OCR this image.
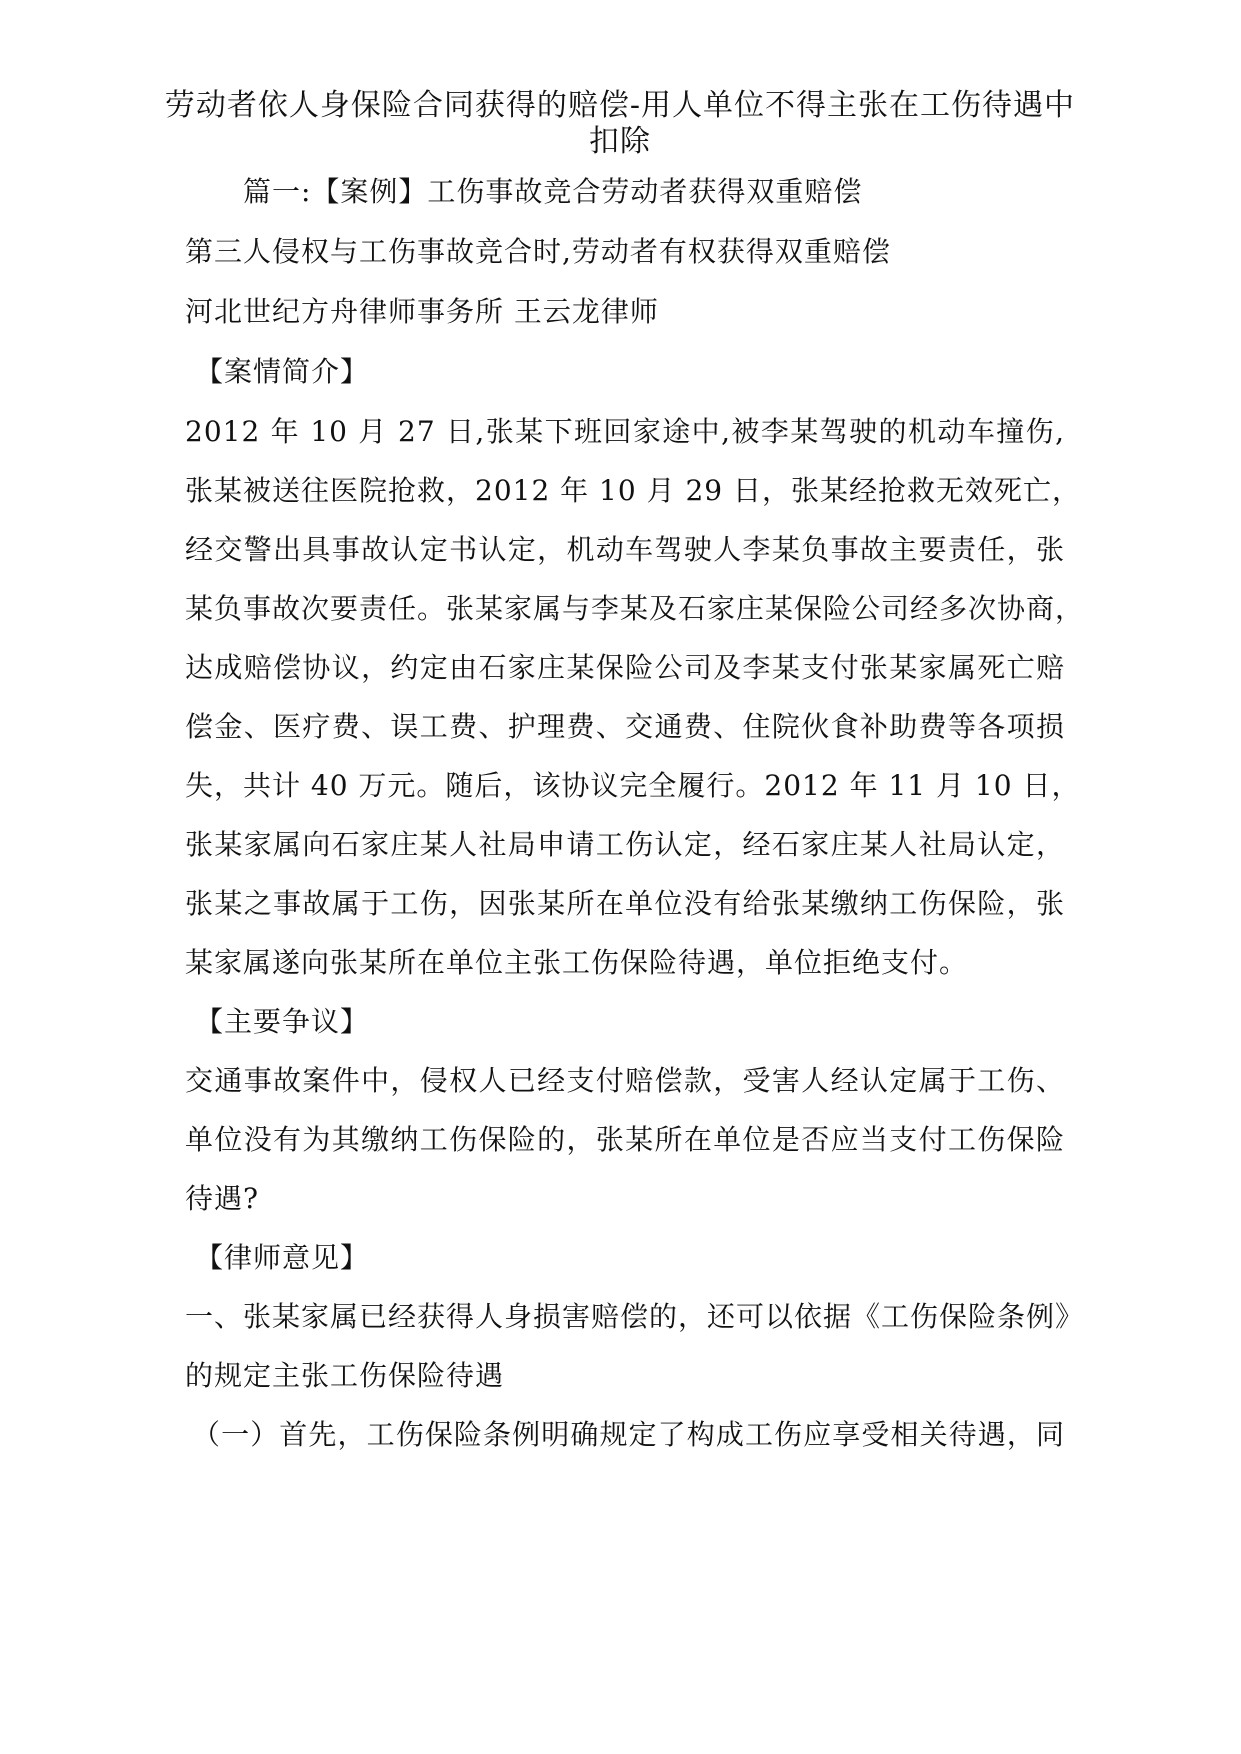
劳动者依人身保险合同获得的赔偿-用人单位不得主张在工伤待遇中
扣除
篇一:【案例】工伤事故竞合劳动者获得双重赔偿
第三人侵权与工伤事故竞合时,劳动者有权获得双重赔偿
河北世纪方舟律师事务所 王云龙律师
【案情简介】
2012 年 10 月 27 日,张某下班回家途中,被李某驾驶的机动车撞伤,
张某被送往医院抢救，2012 年 10 月 29 日，张某经抢救无效死亡，
经交警出具事故认定书认定，机动车驾驶人李某负事故主要责任，张
某负事故次要责任。张某家属与李某及石家庄某保险公司经多次协商，
达成赔偿协议，约定由石家庄某保险公司及李某支付张某家属死亡赔
偿金、医疗费、误工费、护理费、交通费、住院伙食补助费等各项损
失，共计 40 万元。随后，该协议完全履行。2012 年 11 月 10 日，
张某家属向石家庄某人社局申请工伤认定，经石家庄某人社局认定，
张某之事故属于工伤，因张某所在单位没有给张某缴纳工伤保险，张
某家属遂向张某所在单位主张工伤保险待遇，单位拒绝支付。
【主要争议】
交通事故案件中，侵权人已经支付赔偿款，受害人经认定属于工伤、
单位没有为其缴纳工伤保险的，张某所在单位是否应当支付工伤保险
待遇?
【律师意见】
一、张某家属已经获得人身损害赔偿的，还可以依据《工伤保险条例》
的规定主张工伤保险待遇
（一）首先，工伤保险条例明确规定了构成工伤应享受相关待遇，同
